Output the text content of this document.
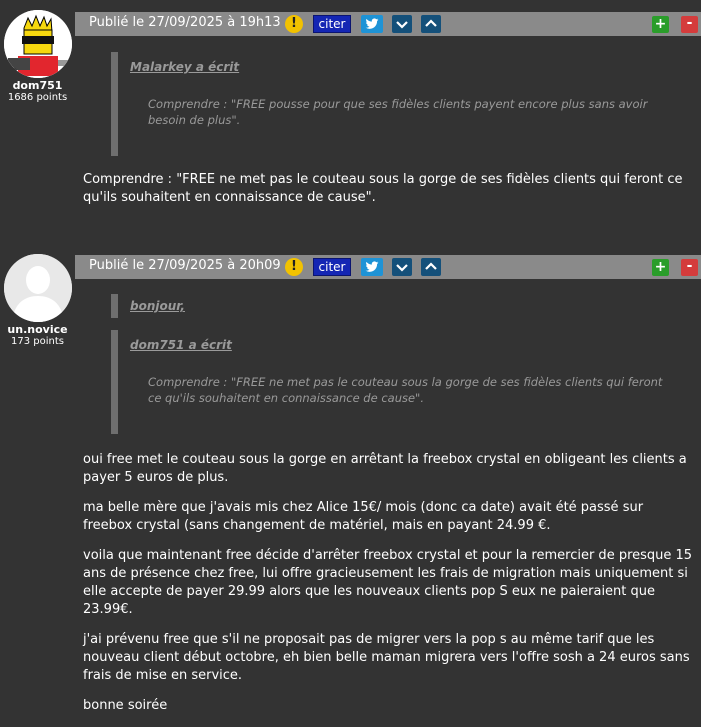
dom751
1686 points
Publié le 27/09/2025 à 19h13 !	citer	+	-
Malarkey a écrit
Comprendre : "FREE pousse pour que ses fidèles clients payent encore plus sans avoir besoin de plus".

Comprendre : "FREE ne met pas le couteau sous la gorge de ses fidèles clients qui feront ce qu'ils souhaitent en connaissance de cause".

un.novice
173 points
Publié le 27/09/2025 à 20h09 !	citer	+	-
bonjour,
dom751 a écrit
Comprendre : "FREE ne met pas le couteau sous la gorge de ses fidèles clients qui feront ce qu'ils souhaitent en connaissance de cause".

oui free met le couteau sous la gorge en arrêtant la freebox crystal en obligeant les clients a payer 5 euros de plus.

ma belle mère que j'avais mis chez Alice 15€/ mois (donc ca date) avait été passé sur freebox crystal (sans changement de matériel, mais en payant 24.99 €.

voila que maintenant free décide d'arrêter freebox crystal et pour la remercier de presque 15 ans de présence chez free, lui offre gracieusement les frais de migration mais uniquement si elle accepte de payer 29.99 alors que les nouveaux clients pop S eux ne paieraient que 23.99€.

j'ai prévenu free que s'il ne proposait pas de migrer vers la pop s au même tarif que les nouveau client début octobre, eh bien belle maman migrera vers l'offre sosh a 24 euros sans frais de mise en service.

bonne soirée
